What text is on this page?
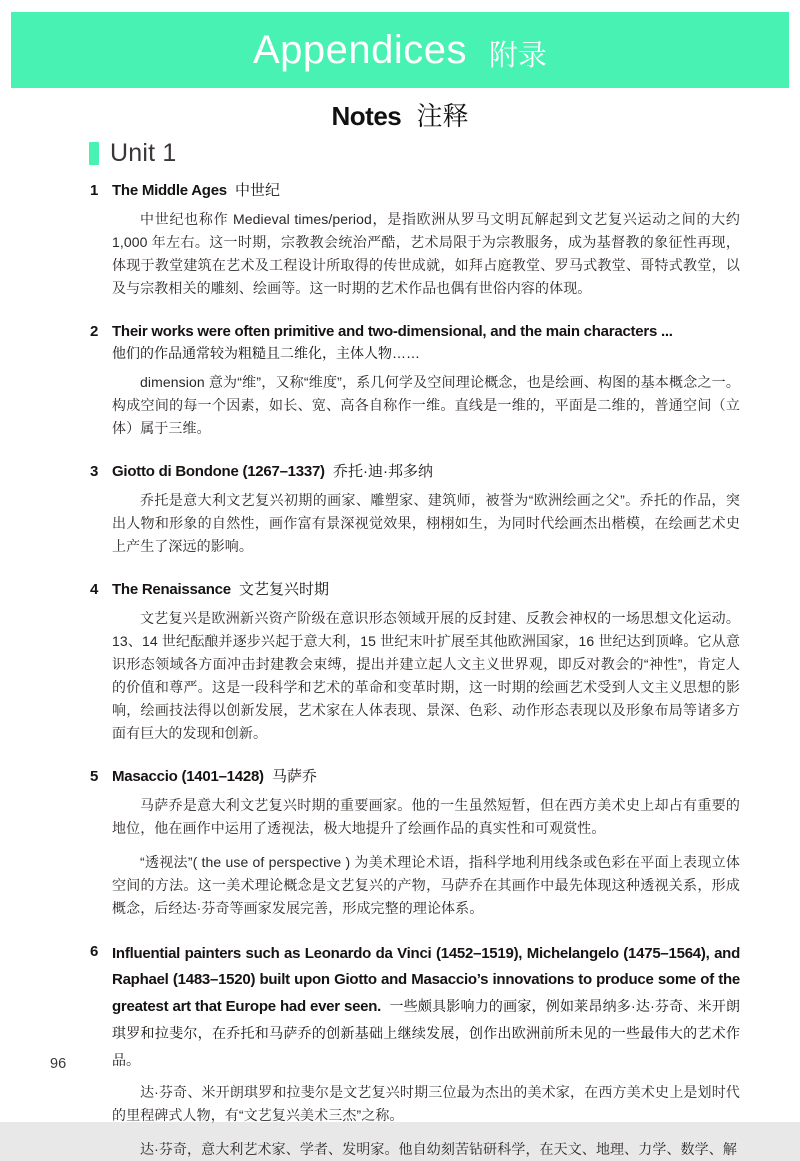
Appendices 附录
Notes 注释
Unit 1
1 The Middle Ages 中世纪

中世纪也称作 Medieval times/period，是指欧洲从罗马文明瓦解起到文艺复兴运动之间的大约 1,000 年左右。这一时期，宗教教会统治严酷，艺术局限于为宗教服务，成为基督教的象征性再现，体现于教堂建筑在艺术及工程设计所取得的传世成就，如拜占庭教堂、罗马式教堂、哥特式教堂，以及与宗教相关的雕刻、绘画等。这一时期的艺术作品也偶有世俗内容的体现。

2 Their works were often primitive and two-dimensional, and the main characters ...
他们的作品通常较为粗糙且二维化，主体人物……

dimension 意为“维”，又称“维度”，系几何学及空间理论概念，也是绘画、构图的基本概念之一。构成空间的每一个因素，如长、宽、高各自称作一维。直线是一维的，平面是二维的，普通空间（立体）属于三维。

3 Giotto di Bondone (1267–1337) 乔托·迪·邦多纳

乔托是意大利文艺复兴初期的画家、雕塑家、建筑师，被誉为“欧洲绘画之父”。乔托的作品，突出人物和形象的自然性，画作富有景深视觉效果，栩栩如生，为同时代绘画杰出楷模，在绘画艺术史上产生了深远的影响。

4 The Renaissance 文艺复兴时期

文艺复兴是欧洲新兴资产阶级在意识形态领域开展的反封建、反教会神权的一场思想文化运动。13、14 世纪酝酿并逐步兴起于意大利，15 世纪末叶扩展至其他欧洲国家，16 世纪达到顶峰。它从意识形态领域各方面冲击封建教会束缚，提出并建立起人文主义世界观，即反对教会的“神性”，肯定人的价值和尊严。这是一段科学和艺术的革命和变革时期，这一时期的绘画艺术受到人文主义思想的影响，绘画技法得以创新发展，艺术家在人体表现、景深、色彩、动作形态表现以及形象布局等诸多方面有巨大的发现和创新。

5 Masaccio (1401–1428) 马萨乔

马萨乔是意大利文艺复兴时期的重要画家。他的一生虽然短暂，但在西方美术史上却占有重要的地位，他在画作中运用了透视法，极大地提升了绘画作品的真实性和可观赏性。

“透视法”( the use of perspective ) 为美术理论术语，指科学地利用线条或色彩在平面上表现立体空间的方法。这一美术理论概念是文艺复兴的产物，马萨乔在其画作中最先体现这种透视关系，形成概念，后经达·芬奇等画家发展完善，形成完整的理论体系。

6 Influential painters such as Leonardo da Vinci (1452–1519), Michelangelo (1475–1564), and Raphael (1483–1520) built upon Giotto and Masaccio’s innovations to produce some of the greatest art that Europe had ever seen. 一些颇具影响力的画家，例如莱昂纳多·达·芬奇、米开朗琪罗和拉斐尔，在乔托和马萨乔的创新基础上继续发展，创作出欧洲前所未见的一些最伟大的艺术作品。

达·芬奇、米开朗琪罗和拉斐尔是文艺复兴时期三位最为杰出的美术家，在西方美术史上是划时代的里程碑式人物，有“文艺复兴美术三杰”之称。

达·芬奇，意大利艺术家、学者、发明家。他自幼刻苦钻研科学，在天文、地理、力学、数学、解

96
